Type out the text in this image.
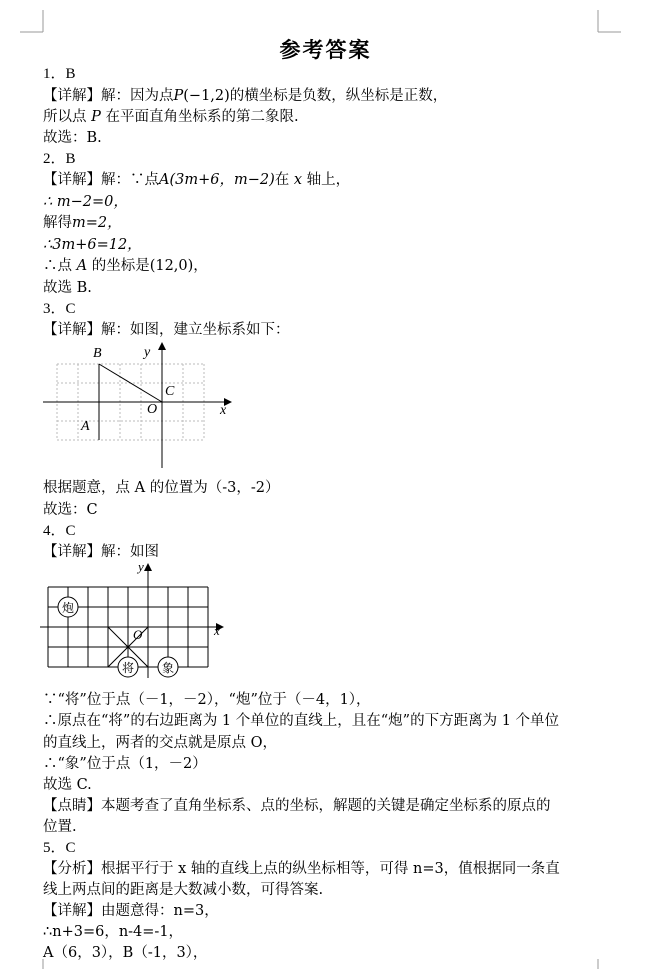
参考答案
1．B
【详解】解：因为点P(−1,2)的横坐标是负数，纵坐标是正数，
所以点 P 在平面直角坐标系的第二象限.
故选：B.
2．B
【详解】解：∵点A(3m+6，m−2)在 x 轴上，
∴ m−2=0，
解得m=2，
∴3m+6=12，
∴点 A 的坐标是(12,0)，
故选 B.
3．C
【详解】解：如图，建立坐标系如下：
B	y
C
O	x
A
根据题意，点 A 的位置为（-3，-2）
故选：C
4．C
【详解】解：如图
炮
将 象
y
x
O
∵“将”位于点（－1，－2），“炮”位于（－4，1），
∴原点在“将”的右边距离为 1 个单位的直线上，且在“炮”的下方距离为 1 个单位
的直线上，两者的交点就是原点 O，
∴“象”位于点（1，－2）
故选 C.
【点睛】本题考查了直角坐标系、点的坐标，解题的关键是确定坐标系的原点的
位置.
5．C
【分析】根据平行于 x 轴的直线上点的纵坐标相等，可得 n=3，值根据同一条直
线上两点间的距离是大数减小数，可得答案.
【详解】由题意得：n=3，
∴n+3=6，n-4=-1，
A（6，3），B（-1，3），
